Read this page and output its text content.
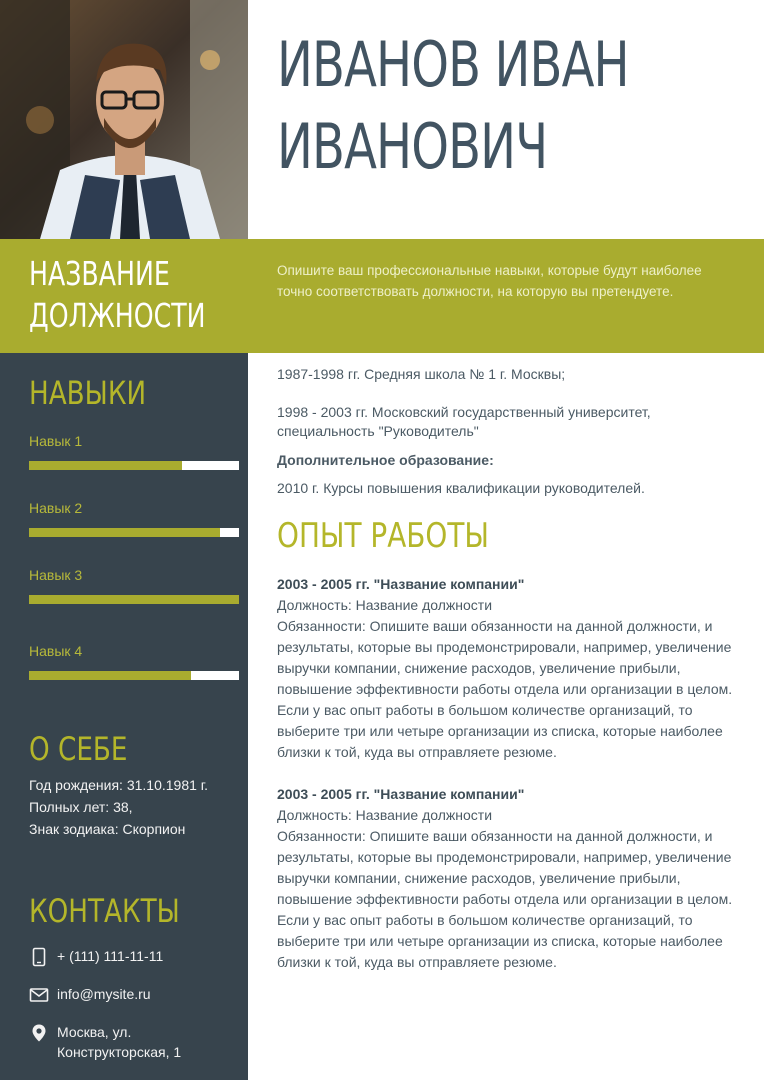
ИВАНОВ ИВАН
ИВАНОВИЧ
НАЗВАНИЕ
ДОЛЖНОСТИ
Опишите ваш профессиональные навыки, которые будут наиболее точно соответствовать должности, на которую вы претендуете.
НАВЫКИ
Навык 1
Навык 2
Навык 3
Навык 4
О СЕБЕ
Год рождения: 31.10.1981 г.
Полных лет: 38,
Знак зодиака: Скорпион
КОНТАКТЫ
+ (111) 111-11-11
info@mysite.ru
Москва, ул.
Конструкторская, 1
1987-1998 гг. Средняя школа № 1 г. Москвы;
1998 - 2003 гг. Московский государственный университет, специальность "Руководитель"
Дополнительное образование:
2010 г. Курсы повышения квалификации руководителей.
ОПЫТ РАБОТЫ
2003 - 2005 гг. "Название компании"
Должность: Название должности
Обязанности: Опишите ваши обязанности на данной должности, и результаты, которые вы продемонстрировали, например, увеличение выручки компании, снижение расходов, увеличение прибыли, повышение эффективности работы отдела или организации в целом. Если у вас опыт работы в большом количестве организаций, то выберите три или четыре организации из списка, которые наиболее близки к той, куда вы отправляете резюме.
2003 - 2005 гг. "Название компании"
Должность: Название должности
Обязанности: Опишите ваши обязанности на данной должности, и результаты, которые вы продемонстрировали, например, увеличение выручки компании, снижение расходов, увеличение прибыли, повышение эффективности работы отдела или организации в целом. Если у вас опыт работы в большом количестве организаций, то выберите три или четыре организации из списка, которые наиболее близки к той, куда вы отправляете резюме.
